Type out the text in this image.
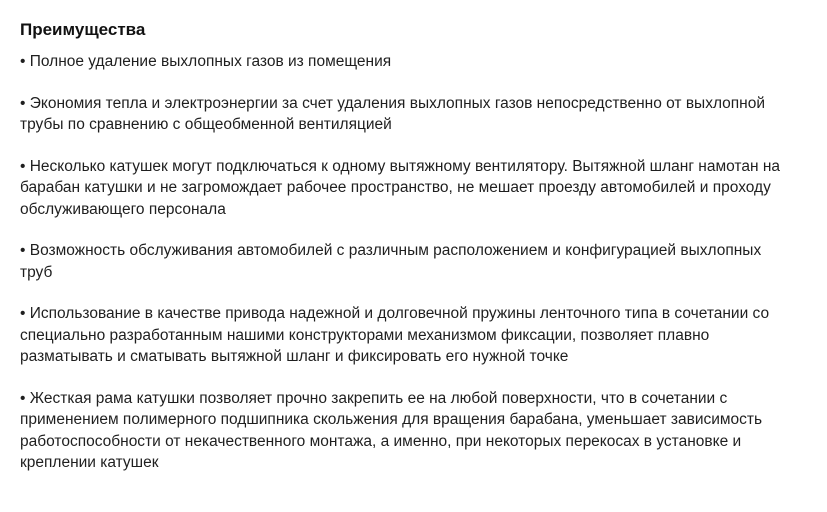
Преимущества
• Полное удаление выхлопных газов из помещения
• Экономия тепла и электроэнергии за счет удаления выхлопных газов непосредственно от выхлопной
трубы по сравнению с общеобменной вентиляцией
• Несколько катушек могут подключаться к одному вытяжному вентилятору. Вытяжной шланг намотан на
барабан катушки и не загромождает рабочее пространство, не мешает проезду автомобилей и проходу
обслуживающего персонала
• Возможность обслуживания автомобилей с различным расположением и конфигурацией выхлопных
труб
• Использование в качестве привода надежной и долговечной пружины ленточного типа в сочетании со
специально разработанным нашими конструкторами механизмом фиксации, позволяет плавно
разматывать и сматывать вытяжной шланг и фиксировать его нужной точке
• Жесткая рама катушки позволяет прочно закрепить ее на любой поверхности, что в сочетании с
применением полимерного подшипника скольжения для вращения барабана, уменьшает зависимость
работоспособности от некачественного монтажа, а именно, при некоторых перекосах в установке и
креплении катушек
